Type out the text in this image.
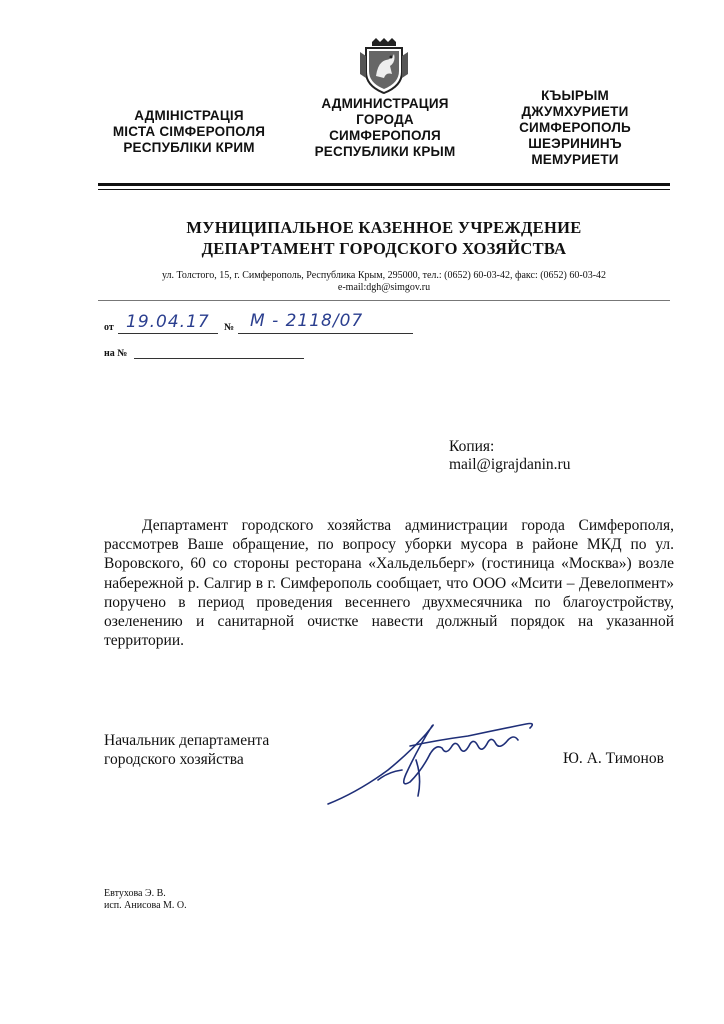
АДМІНІСТРАЦІЯ
МІСТА СІМФЕРОПОЛЯ
РЕСПУБЛІКИ КРИМ
АДМИНИСТРАЦИЯ
ГОРОДА
СИМФЕРОПОЛЯ
РЕСПУБЛИКИ КРЫМ
КЪЫРЫМ
ДЖУМХУРИЕТИ
СИМФЕРОПОЛЬ
ШЕЭРИНИНЪ
МЕМУРИЕТИ
МУНИЦИПАЛЬНОЕ КАЗЕННОЕ УЧРЕЖДЕНИЕ
ДЕПАРТАМЕНТ ГОРОДСКОГО ХОЗЯЙСТВА
ул. Толстого, 15, г. Симферополь, Республика Крым, 295000, тел.: (0652) 60-03-42, факс: (0652) 60-03-42
e-mail:dgh@simgov.ru
от 19.04.17 № М - 2118/07
на №
Копия:
mail@igrajdanin.ru
Департамент городского хозяйства администрации города Симферополя, рассмотрев Ваше обращение, по вопросу уборки мусора в районе МКД по ул. Воровского, 60 со стороны ресторана «Хальдельберг» (гостиница «Москва») возле набережной р. Салгир в г. Симферополь сообщает, что ООО «Мсити – Девелопмент» поручено в период проведения весеннего двухмесячника по благоустройству, озеленению и санитарной очистке навести должный порядок на указанной территории.
Начальник департамента
городского хозяйства	Ю. А. Тимонов
Евтухова Э. В.
исп. Анисова М. О.
